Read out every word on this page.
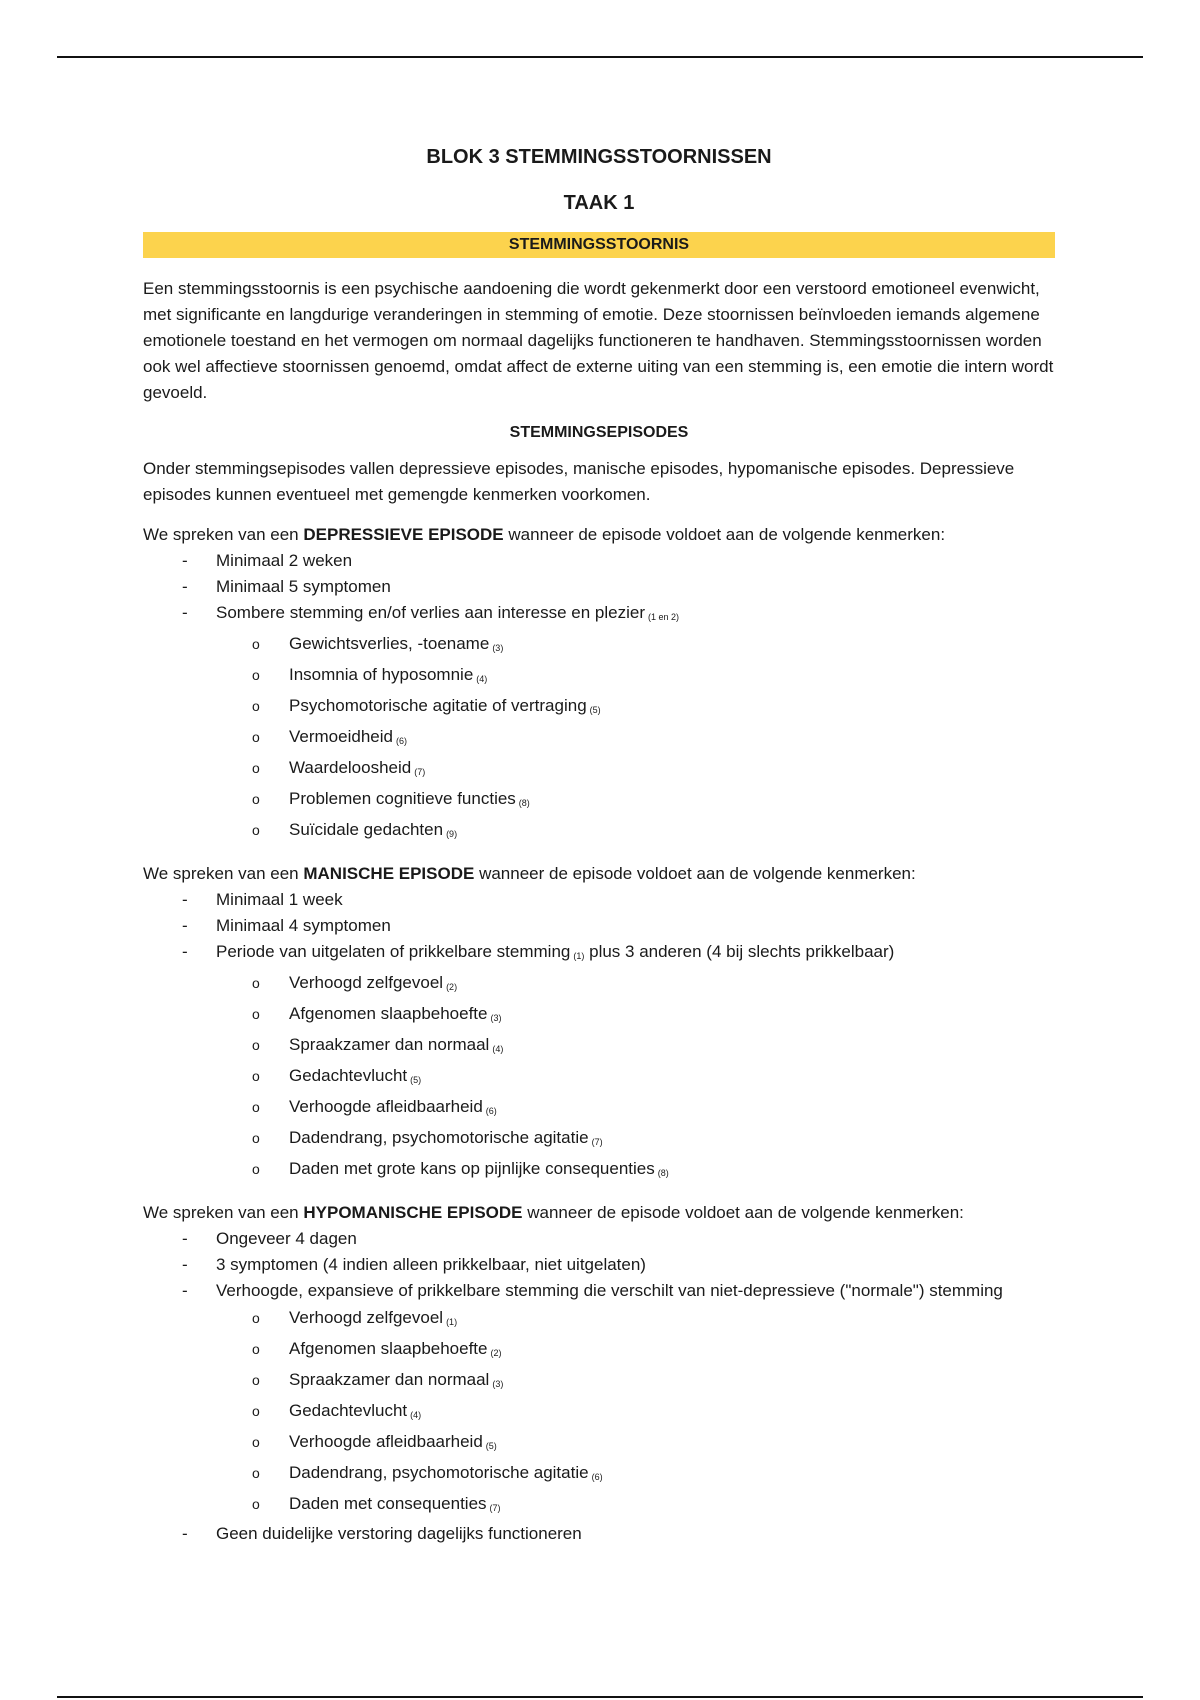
BLOK 3 STEMMINGSSTOORNISSEN
TAAK 1
STEMMINGSSTOORNIS

Een stemmingsstoornis is een psychische aandoening die wordt gekenmerkt door een verstoord emotioneel evenwicht, met significante en langdurige veranderingen in stemming of emotie. Deze stoornissen beïnvloeden iemands algemene emotionele toestand en het vermogen om normaal dagelijks functioneren te handhaven. Stemmingsstoornissen worden ook wel affectieve stoornissen genoemd, omdat affect de externe uiting van een stemming is, een emotie die intern wordt gevoeld.

STEMMINGSEPISODES

Onder stemmingsepisodes vallen depressieve episodes, manische episodes, hypomanische episodes. Depressieve episodes kunnen eventueel met gemengde kenmerken voorkomen.

We spreken van een DEPRESSIEVE EPISODE wanneer de episode voldoet aan de volgende kenmerken:

- Minimaal 2 weken
- Minimaal 5 symptomen
- Sombere stemming en/of verlies aan interesse en plezier $_{(1 en 2)}$
o Gewichtsverlies, -toename $_{(3)}$
o Insomnia of hyposomnie $_{(4)}$
o Psychomotorische agitatie of vertraging $_{(5)}$
o Vermoeidheid $_{(6)}$
o Waardeloosheid $_{(7)}$
o Problemen cognitieve functies $_{(8)}$
o Suïcidale gedachten $_{(9)}$

We spreken van een MANISCHE EPISODE wanneer de episode voldoet aan de volgende kenmerken:

- Minimaal 1 week
- Minimaal 4 symptomen
- Periode van uitgelaten of prikkelbare stemming $_{(1)}$ plus 3 anderen (4 bij slechts prikkelbaar)
o Verhoogd zelfgevoel $_{(2)}$
o Afgenomen slaapbehoefte $_{(3)}$
o Spraakzamer dan normaal $_{(4)}$
o Gedachtevlucht $_{(5)}$
o Verhoogde afleidbaarheid $_{(6)}$
o Dadendrang, psychomotorische agitatie $_{(7)}$
o Daden met grote kans op pijnlijke consequenties $_{(8)}$

We spreken van een HYPOMANISCHE EPISODE wanneer de episode voldoet aan de volgende kenmerken:

- Ongeveer 4 dagen
- 3 symptomen (4 indien alleen prikkelbaar, niet uitgelaten)
- Verhoogde, expansieve of prikkelbare stemming die verschilt van niet-depressieve ("normale") stemming
o Verhoogd zelfgevoel $_{(1)}$
o Afgenomen slaapbehoefte $_{(2)}$
o Spraakzamer dan normaal $_{(3)}$
o Gedachtevlucht $_{(4)}$
o Verhoogde afleidbaarheid $_{(5)}$
o Dadendrang, psychomotorische agitatie $_{(6)}$
o Daden met consequenties $_{(7)}$
- Geen duidelijke verstoring dagelijks functioneren
